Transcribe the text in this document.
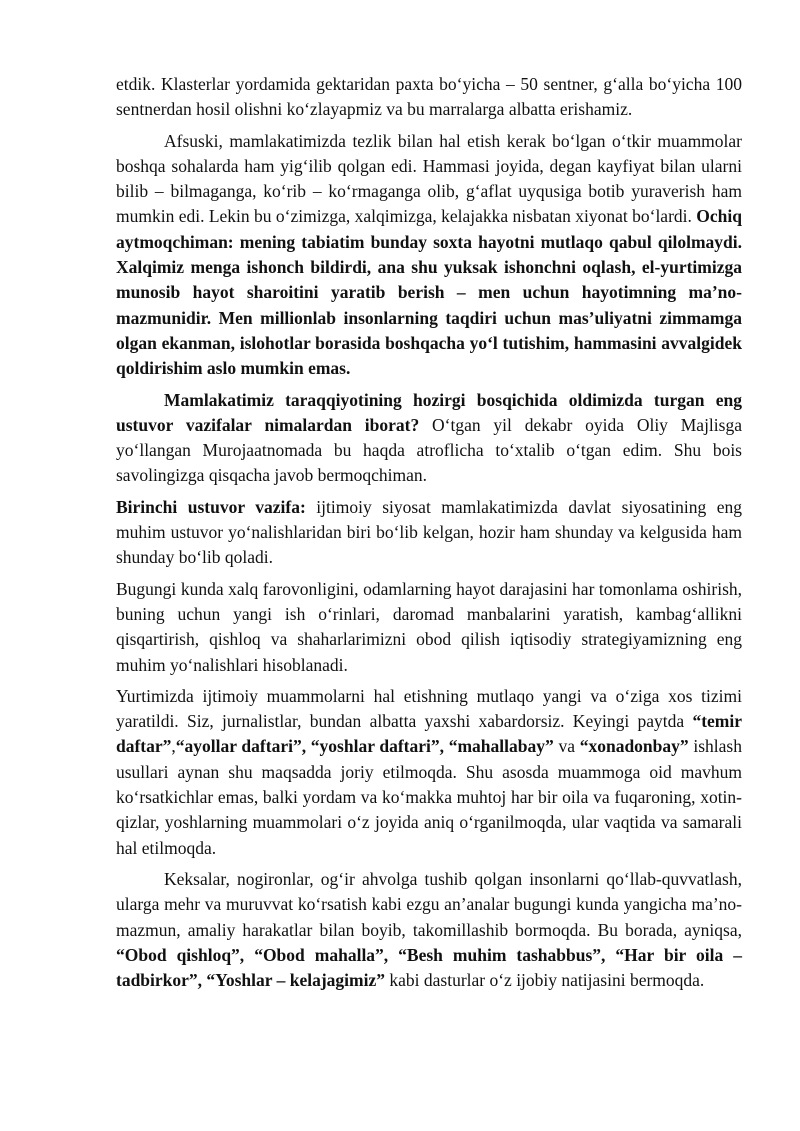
etdik. Klasterlar yordamida gektaridan paxta bo‘yicha – 50 sentner, g‘alla bo‘yicha 100 sentnerdan hosil olishni ko‘zlayapmiz va bu marralarga albatta erishamiz.

Afsuski, mamlakatimizda tezlik bilan hal etish kerak bo‘lgan o‘tkir muammolar boshqa sohalarda ham yig‘ilib qolgan edi. Hammasi joyida, degan kayfiyat bilan ularni bilib – bilmaganga, ko‘rib – ko‘rmaganga olib, g‘aflat uyqusiga botib yuraverish ham mumkin edi. Lekin bu o‘zimizga, xalqimizga, kelajakka nisbatan xiyonat bo‘lardi. Ochiq aytmoqchiman: mening tabiatim bunday soxta hayotni mutlaqo qabul qilolmaydi. Xalqimiz menga ishonch bildirdi, ana shu yuksak ishonchni oqlash, el-yurtimizga munosib hayot sharoitini yaratib berish – men uchun hayotimning ma’no-mazmunidir. Men millionlab insonlarning taqdiri uchun mas’uliyatni zimmamga olgan ekanman, islohotlar borasida boshqacha yo‘l tutishim, hammasini avvalgidek qoldirishim aslo mumkin emas.

Mamlakatimiz taraqqiyotining hozirgi bosqichida oldimizda turgan eng ustuvor vazifalar nimalardan iborat? O‘tgan yil dekabr oyida Oliy Majlisga yo‘llangan Murojaatnomada bu haqda atroflicha to‘xtalib o‘tgan edim. Shu bois savolingizga qisqacha javob bermoqchiman.

Birinchi ustuvor vazifa: ijtimoiy siyosat mamlakatimizda davlat siyosatining eng muhim ustuvor yo‘nalishlaridan biri bo‘lib kelgan, hozir ham shunday va kelgusida ham shunday bo‘lib qoladi.

Bugungi kunda xalq farovonligini, odamlarning hayot darajasini har tomonlama oshirish, buning uchun yangi ish o‘rinlari, daromad manbalarini yaratish, kambag‘allikni qisqartirish, qishloq va shaharlarimizni obod qilish iqtisodiy strategiyamizning eng muhim yo‘nalishlari hisoblanadi.

Yurtimizda ijtimoiy muammolarni hal etishning mutlaqo yangi va o‘ziga xos tizimi yaratildi. Siz, jurnalistlar, bundan albatta yaxshi xabardorsiz. Keyingi paytda “temir daftar”,“ayollar daftari”, “yoshlar daftari”, “mahallabay” va “xonadonbay” ishlash usullari aynan shu maqsadda joriy etilmoqda. Shu asosda muammoga oid mavhum ko‘rsatkichlar emas, balki yordam va ko‘makka muhtoj har bir oila va fuqaroning, xotin-qizlar, yoshlarning muammolari o‘z joyida aniq o‘rganilmoqda, ular vaqtida va samarali hal etilmoqda.

Keksalar, nogironlar, og‘ir ahvolga tushib qolgan insonlarni qo‘llab-quvvatlash, ularga mehr va muruvvat ko‘rsatish kabi ezgu an’analar bugungi kunda yangicha ma’no-mazmun, amaliy harakatlar bilan boyib, takomillashib bormoqda. Bu borada, ayniqsa, “Obod qishloq”, “Obod mahalla”, “Besh muhim tashabbus”, “Har bir oila – tadbirkor”, “Yoshlar – kelajagimiz” kabi dasturlar o‘z ijobiy natijasini bermoqda.
